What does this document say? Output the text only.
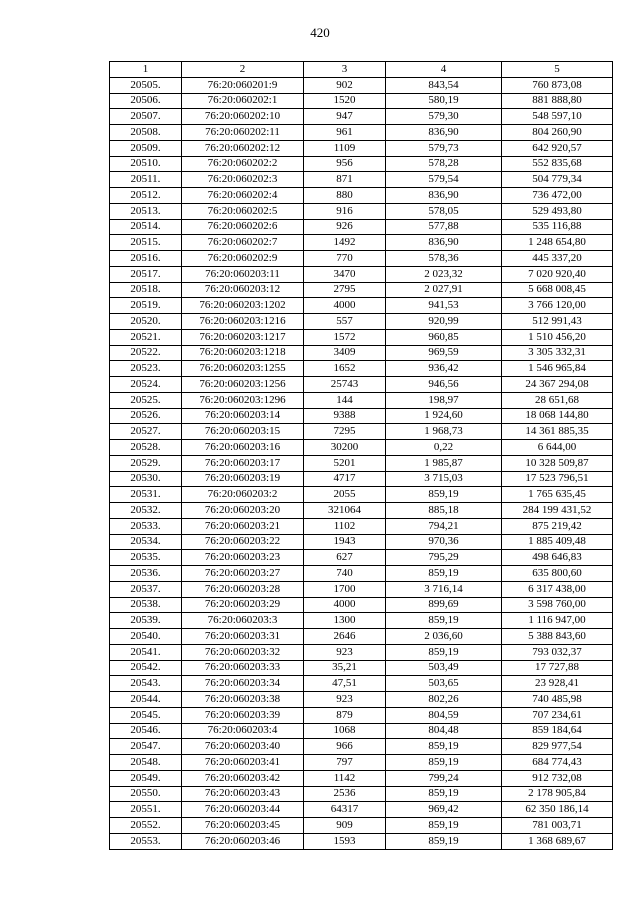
420
1	2	3	4	5
20505.	76:20:060201:9	902	843,54	760 873,08
20506.	76:20:060202:1	1520	580,19	881 888,80
20507.	76:20:060202:10	947	579,30	548 597,10
20508.	76:20:060202:11	961	836,90	804 260,90
20509.	76:20:060202:12	1109	579,73	642 920,57
20510.	76:20:060202:2	956	578,28	552 835,68
20511.	76:20:060202:3	871	579,54	504 779,34
20512.	76:20:060202:4	880	836,90	736 472,00
20513.	76:20:060202:5	916	578,05	529 493,80
20514.	76:20:060202:6	926	577,88	535 116,88
20515.	76:20:060202:7	1492	836,90	1 248 654,80
20516.	76:20:060202:9	770	578,36	445 337,20
20517.	76:20:060203:11	3470	2 023,32	7 020 920,40
20518.	76:20:060203:12	2795	2 027,91	5 668 008,45
20519.	76:20:060203:1202	4000	941,53	3 766 120,00
20520.	76:20:060203:1216	557	920,99	512 991,43
20521.	76:20:060203:1217	1572	960,85	1 510 456,20
20522.	76:20:060203:1218	3409	969,59	3 305 332,31
20523.	76:20:060203:1255	1652	936,42	1 546 965,84
20524.	76:20:060203:1256	25743	946,56	24 367 294,08
20525.	76:20:060203:1296	144	198,97	28 651,68
20526.	76:20:060203:14	9388	1 924,60	18 068 144,80
20527.	76:20:060203:15	7295	1 968,73	14 361 885,35
20528.	76:20:060203:16	30200	0,22	6 644,00
20529.	76:20:060203:17	5201	1 985,87	10 328 509,87
20530.	76:20:060203:19	4717	3 715,03	17 523 796,51
20531.	76:20:060203:2	2055	859,19	1 765 635,45
20532.	76:20:060203:20	321064	885,18	284 199 431,52
20533.	76:20:060203:21	1102	794,21	875 219,42
20534.	76:20:060203:22	1943	970,36	1 885 409,48
20535.	76:20:060203:23	627	795,29	498 646,83
20536.	76:20:060203:27	740	859,19	635 800,60
20537.	76:20:060203:28	1700	3 716,14	6 317 438,00
20538.	76:20:060203:29	4000	899,69	3 598 760,00
20539.	76:20:060203:3	1300	859,19	1 116 947,00
20540.	76:20:060203:31	2646	2 036,60	5 388 843,60
20541.	76:20:060203:32	923	859,19	793 032,37
20542.	76:20:060203:33	35,21	503,49	17 727,88
20543.	76:20:060203:34	47,51	503,65	23 928,41
20544.	76:20:060203:38	923	802,26	740 485,98
20545.	76:20:060203:39	879	804,59	707 234,61
20546.	76:20:060203:4	1068	804,48	859 184,64
20547.	76:20:060203:40	966	859,19	829 977,54
20548.	76:20:060203:41	797	859,19	684 774,43
20549.	76:20:060203:42	1142	799,24	912 732,08
20550.	76:20:060203:43	2536	859,19	2 178 905,84
20551.	76:20:060203:44	64317	969,42	62 350 186,14
20552.	76:20:060203:45	909	859,19	781 003,71
20553.	76:20:060203:46	1593	859,19	1 368 689,67
